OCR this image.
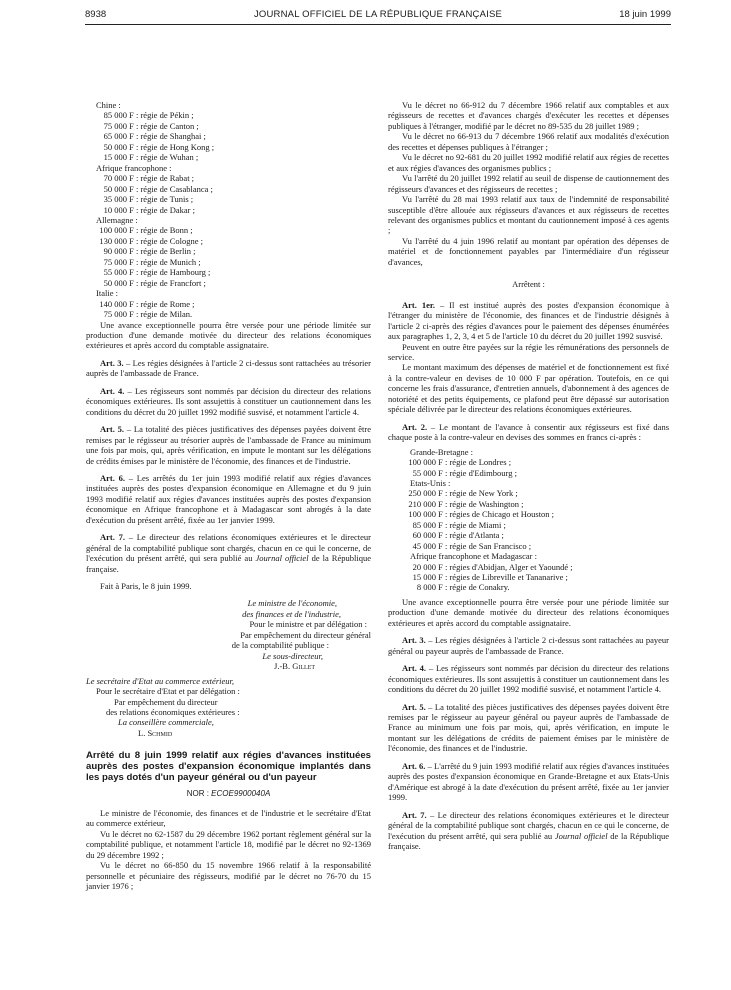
8938	JOURNAL OFFICIEL DE LA RÉPUBLIQUE FRANÇAISE	18 juin 1999

Chine :

85 000 F : régie de Pékin ;

75 000 F : régie de Canton ;

65 000 F : régie de Shanghai ;

50 000 F : régie de Hong Kong ;

15 000 F : régie de Wuhan ;

Afrique francophone :

70 000 F : régie de Rabat ;

50 000 F : régie de Casablanca ;

35 000 F : régie de Tunis ;

10 000 F : régie de Dakar ;

Allemagne :

100 000 F : régie de Bonn ;

130 000 F : régie de Cologne ;

90 000 F : régie de Berlin ;

75 000 F : régie de Munich ;

55 000 F : régie de Hambourg ;

50 000 F : régie de Francfort ;

Italie :

140 000 F : régie de Rome ;

75 000 F : régie de Milan.

Une avance exceptionnelle pourra être versée pour une période limitée sur production d'une demande motivée du directeur des relations économiques extérieures et après accord du comptable assignataire.

Art. 3. – Les régies désignées à l'article 2 ci-dessus sont rattachées au trésorier auprès de l'ambassade de France.

Art. 4. – Les régisseurs sont nommés par décision du directeur des relations économiques extérieures. Ils sont assujettis à constituer un cautionnement dans les conditions du décret du 20 juillet 1992 modifié susvisé, et notamment l'article 4.

Art. 5. – La totalité des pièces justificatives des dépenses payées doivent être remises par le régisseur au trésorier auprès de l'ambassade de France au minimum une fois par mois, qui, après vérification, en impute le montant sur les délégations de crédits émises par le ministère de l'économie, des finances et de l'industrie.

Art. 6. – Les arrêtés du 1er juin 1993 modifié relatif aux régies d'avances instituées auprès des postes d'expansion économique en Allemagne et du 9 juin 1993 modifié relatif aux régies d'avances instituées auprès des postes d'expansion économique en Afrique francophone et à Madagascar sont abrogés à la date d'exécution du présent arrêté, fixée au 1er janvier 1999.

Art. 7. – Le directeur des relations économiques extérieures et le directeur général de la comptabilité publique sont chargés, chacun en ce qui le concerne, de l'exécution du présent arrêté, qui sera publié au Journal officiel de la République française.

Fait à Paris, le 8 juin 1999.

Le ministre de l'économie,

des finances et de l'industrie,

Pour le ministre et par délégation :

Par empêchement du directeur général

de la comptabilité publique :

Le sous-directeur,

J.-B. Gillet

Le secrétaire d'Etat au commerce extérieur,

Pour le secrétaire d'Etat et par délégation :

Par empêchement du directeur

des relations économiques extérieures :

La conseillère commerciale,

L. Schmid

Arrêté du 8 juin 1999 relatif aux régies d'avances instituées auprès des postes d'expansion économique implantés dans les pays dotés d'un payeur général ou d'un payeur

NOR : ECOE9900040A

Le ministre de l'économie, des finances et de l'industrie et le secrétaire d'Etat au commerce extérieur,

Vu le décret no 62-1587 du 29 décembre 1962 portant règlement général sur la comptabilité publique, et notamment l'article 18, modifié par le décret no 92-1369 du 29 décembre 1992 ;

Vu le décret no 66-850 du 15 novembre 1966 relatif à la responsabilité personnelle et pécuniaire des régisseurs, modifié par le décret no 76-70 du 15 janvier 1976 ;

Vu le décret no 66-912 du 7 décembre 1966 relatif aux comptables et aux régisseurs de recettes et d'avances chargés d'exécuter les recettes et dépenses publiques à l'étranger, modifié par le décret no 89-535 du 28 juillet 1989 ;

Vu le décret no 66-913 du 7 décembre 1966 relatif aux modalités d'exécution des recettes et dépenses publiques à l'étranger ;

Vu le décret no 92-681 du 20 juillet 1992 modifié relatif aux régies de recettes et aux régies d'avances des organismes publics ;

Vu l'arrêté du 20 juillet 1992 relatif au seuil de dispense de cautionnement des régisseurs d'avances et des régisseurs de recettes ;

Vu l'arrêté du 28 mai 1993 relatif aux taux de l'indemnité de responsabilité susceptible d'être allouée aux régisseurs d'avances et aux régisseurs de recettes relevant des organismes publics et montant du cautionnement imposé à ces agents ;

Vu l'arrêté du 4 juin 1996 relatif au montant par opération des dépenses de matériel et de fonctionnement payables par l'intermédiaire d'un régisseur d'avances,

Arrêtent :

Art. 1er. – Il est institué auprès des postes d'expansion économique à l'étranger du ministère de l'économie, des finances et de l'industrie désignés à l'article 2 ci-après des régies d'avances pour le paiement des dépenses énumérées aux paragraphes 1, 2, 3, 4 et 5 de l'article 10 du décret du 20 juillet 1992 susvisé.

Peuvent en outre être payées sur la régie les rémunérations des personnels de service.

Le montant maximum des dépenses de matériel et de fonctionnement est fixé à la contre-valeur en devises de 10 000 F par opération. Toutefois, en ce qui concerne les frais d'assurance, d'entretien annuels, d'abonnement à des agences de notoriété et des petits équipements, ce plafond peut être dépassé sur autorisation spéciale délivrée par le directeur des relations économiques extérieures.

Art. 2. – Le montant de l'avance à consentir aux régisseurs est fixé dans chaque poste à la contre-valeur en devises des sommes en francs ci-après :

Grande-Bretagne :

100 000 F : régie de Londres ;

55 000 F : régie d'Edimbourg ;

Etats-Unis :

250 000 F : régie de New York ;

210 000 F : régie de Washington ;

100 000 F : régies de Chicago et Houston ;

85 000 F : régie de Miami ;

60 000 F : régie d'Atlanta ;

45 000 F : régie de San Francisco ;

Afrique francophone et Madagascar :

20 000 F : régies d'Abidjan, Alger et Yaoundé ;

15 000 F : régies de Libreville et Tananarive ;

8 000 F : régie de Conakry.

Une avance exceptionnelle pourra être versée pour une période limitée sur production d'une demande motivée du directeur des relations économiques extérieures et après accord du comptable assignataire.

Art. 3. – Les régies désignées à l'article 2 ci-dessus sont rattachées au payeur général ou payeur auprès de l'ambassade de France.

Art. 4. – Les régisseurs sont nommés par décision du directeur des relations économiques extérieures. Ils sont assujettis à constituer un cautionnement dans les conditions du décret du 20 juillet 1992 modifié susvisé, et notamment l'article 4.

Art. 5. – La totalité des pièces justificatives des dépenses payées doivent être remises par le régisseur au payeur général ou payeur auprès de l'ambassade de France au minimum une fois par mois, qui, après vérification, en impute le montant sur les délégations de crédits de paiement émises par le ministère de l'économie, des finances et de l'industrie.

Art. 6. – L'arrêté du 9 juin 1993 modifié relatif aux régies d'avances instituées auprès des postes d'expansion économique en Grande-Bretagne et aux Etats-Unis d'Amérique est abrogé à la date d'exécution du présent arrêté, fixée au 1er janvier 1999.

Art. 7. – Le directeur des relations économiques extérieures et le directeur général de la comptabilité publique sont chargés, chacun en ce qui le concerne, de l'exécution du présent arrêté, qui sera publié au Journal officiel de la République française.
